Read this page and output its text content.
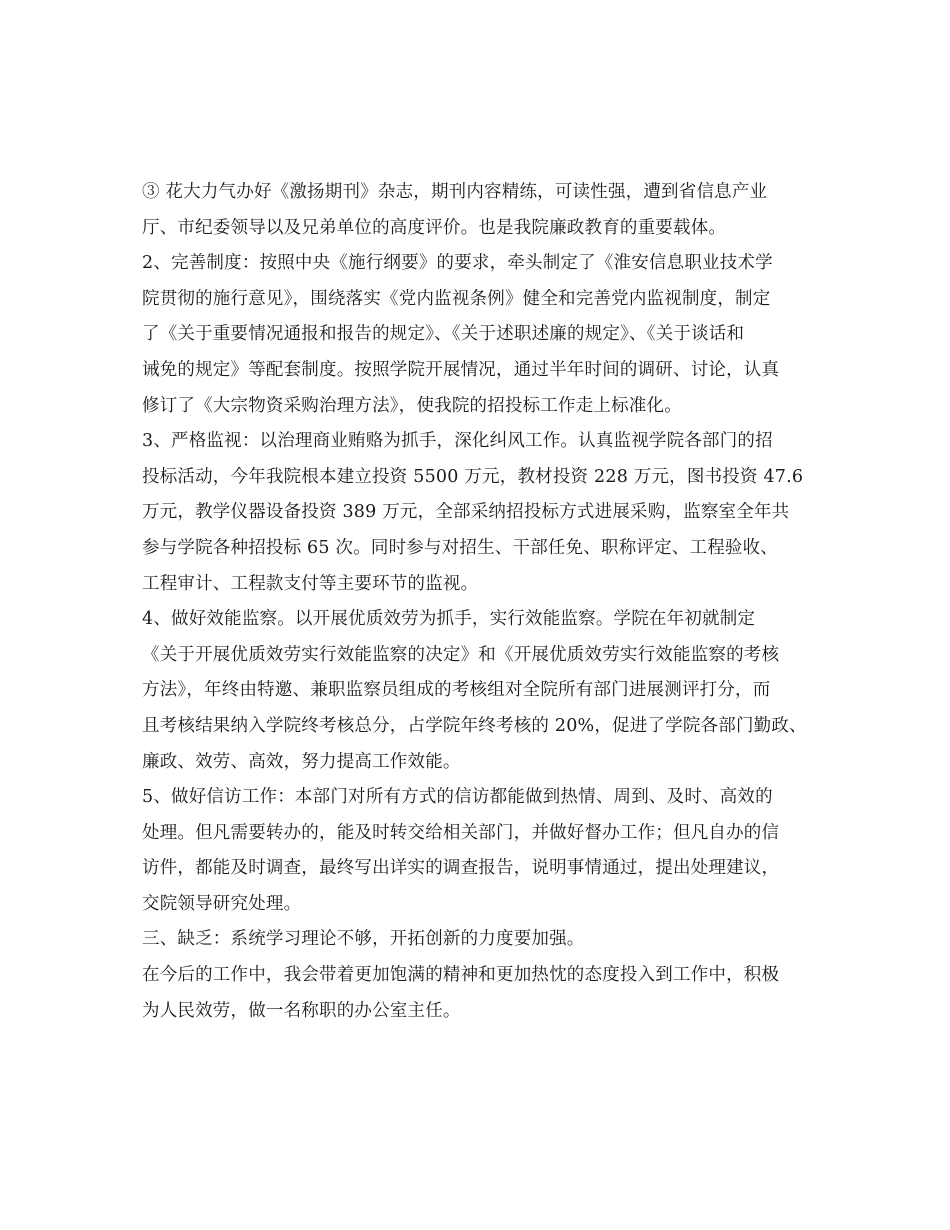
③ 花大力气办好《激扬期刊》杂志，期刊内容精练，可读性强，遭到省信息产业
厅、市纪委领导以及兄弟单位的高度评价。也是我院廉政教育的重要载体。
2、完善制度：按照中央《施行纲要》的要求，牵头制定了《淮安信息职业技术学
院贯彻的施行意见》，围绕落实《党内监视条例》健全和完善党内监视制度，制定
了《关于重要情况通报和报告的规定》、《关于述职述廉的规定》、《关于谈话和
诫免的规定》等配套制度。按照学院开展情况，通过半年时间的调研、讨论，认真
修订了《大宗物资采购治理方法》，使我院的招投标工作走上标准化。
3、严格监视：以治理商业贿赂为抓手，深化纠风工作。认真监视学院各部门的招
投标活动，今年我院根本建立投资 5500 万元，教材投资 228 万元，图书投资 47.6
万元，教学仪器设备投资 389 万元，全部采纳招投标方式进展采购，监察室全年共
参与学院各种招投标 65 次。同时参与对招生、干部任免、职称评定、工程验收、
工程审计、工程款支付等主要环节的监视。
4、做好效能监察。以开展优质效劳为抓手，实行效能监察。学院在年初就制定
《关于开展优质效劳实行效能监察的决定》和《开展优质效劳实行效能监察的考核
方法》，年终由特邀、兼职监察员组成的考核组对全院所有部门进展测评打分，而
且考核结果纳入学院终考核总分，占学院年终考核的 20%，促进了学院各部门勤政、
廉政、效劳、高效，努力提高工作效能。
5、做好信访工作：本部门对所有方式的信访都能做到热情、周到、及时、高效的
处理。但凡需要转办的，能及时转交给相关部门，并做好督办工作；但凡自办的信
访件，都能及时调查，最终写出详实的调查报告，说明事情通过，提出处理建议，
交院领导研究处理。
三、缺乏：系统学习理论不够，开拓创新的力度要加强。
在今后的工作中，我会带着更加饱满的精神和更加热忱的态度投入到工作中，积极
为人民效劳，做一名称职的办公室主任。
